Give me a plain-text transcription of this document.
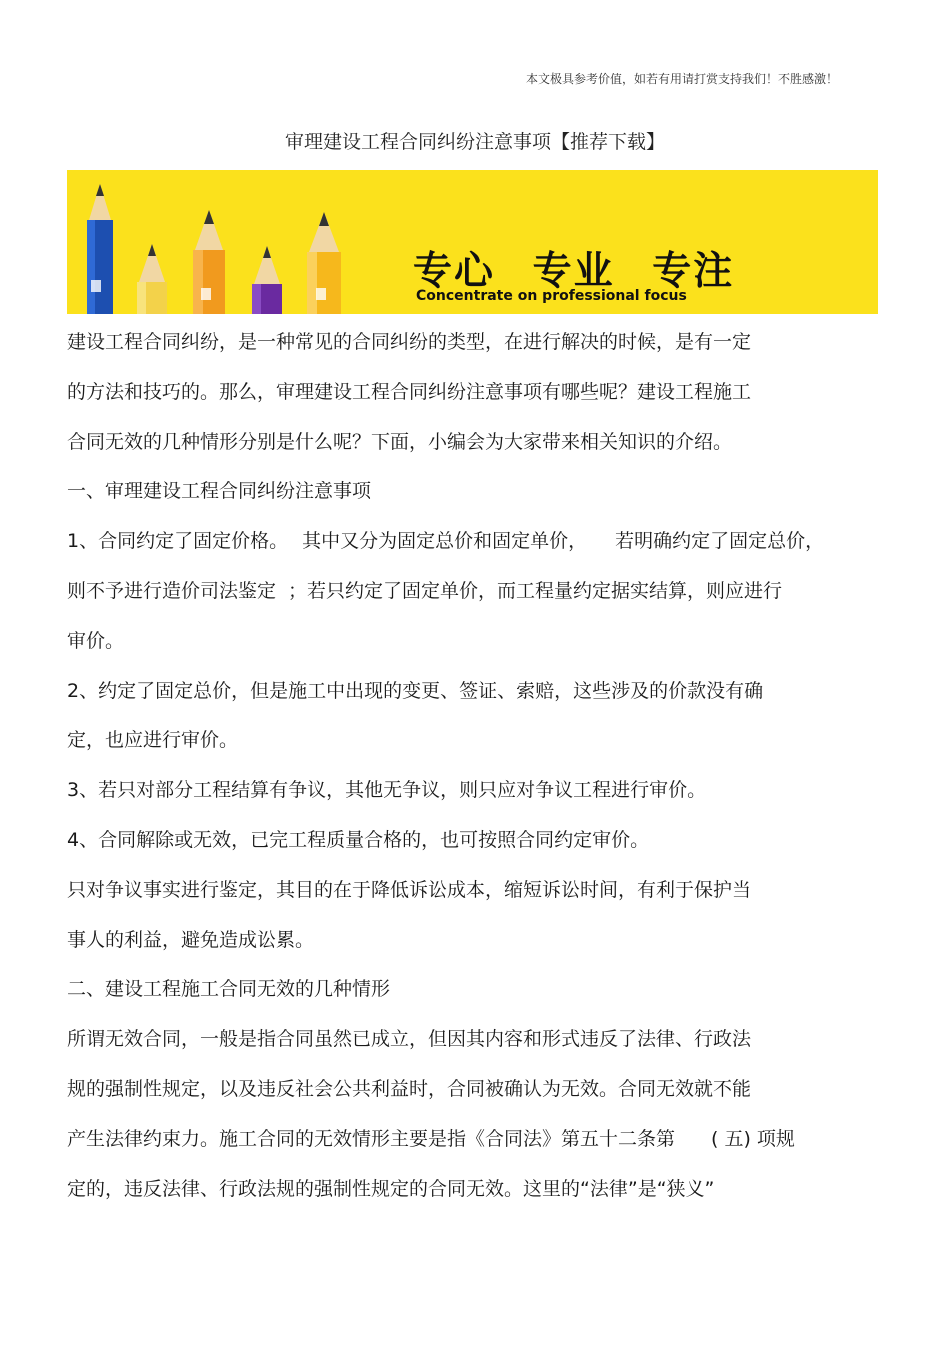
本文极具参考价值，如若有用请打赏支持我们！不胜感激！
审理建设工程合同纠纷注意事项【推荐下载】
专心 专业 专注
Concentrate on professional focus
建设工程合同纠纷，是一种常见的合同纠纷的类型，在进行解决的时候，是有一定
的方法和技巧的。那么，审理建设工程合同纠纷注意事项有哪些呢？建设工程施工
合同无效的几种情形分别是什么呢？下面，小编会为大家带来相关知识的介绍。
一、审理建设工程合同纠纷注意事项
1、合同约定了固定价格。 其中又分为固定总价和固定单价， 若明确约定了固定总价，
则不予进行造价司法鉴定 ；若只约定了固定单价，而工程量约定据实结算，则应进行
审价。
2、约定了固定总价，但是施工中出现的变更、签证、索赔，这些涉及的价款没有确
定，也应进行审价。
3、若只对部分工程结算有争议，其他无争议，则只应对争议工程进行审价。
4、合同解除或无效，已完工程质量合格的，也可按照合同约定审价。
只对争议事实进行鉴定，其目的在于降低诉讼成本，缩短诉讼时间，有利于保护当
事人的利益，避免造成讼累。
二、建设工程施工合同无效的几种情形
所谓无效合同，一般是指合同虽然已成立，但因其内容和形式违反了法律、行政法
规的强制性规定，以及违反社会公共利益时，合同被确认为无效。合同无效就不能
产生法律约束力。施工合同的无效情形主要是指《合同法》第五十二条第 ( 五) 项规
定的，违反法律、行政法规的强制性规定的合同无效。这里的“法律”是“狭义”
